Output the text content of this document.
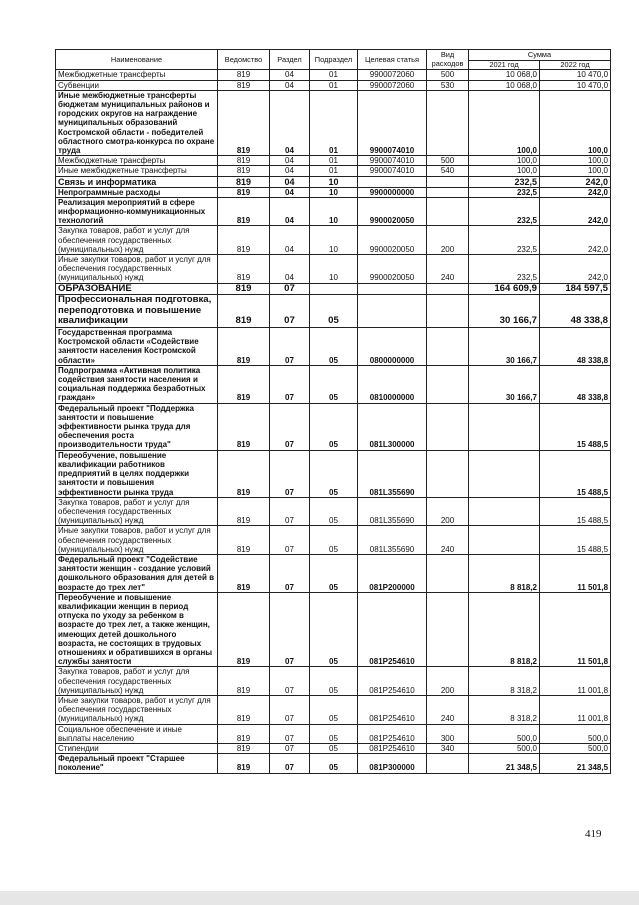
Наименование	Ведомство	Раздел	Подраздел	Целевая статья	Вид расходов	Сумма	
						2021 год	2022 год
Межбюджетные трансферты	819	04	01	9900072060	500	10 068,0	10 470,0
Субвенции	819	04	01	9900072060	530	10 068,0	10 470,0
Иные межбюджетные трансферты бюджетам муниципальных районов и городских округов на награждение муниципальных образований Костромской области - победителей областного смотра-конкурса по охране труда	819	04	01	9900074010		100,0	100,0
Межбюджетные трансферты	819	04	01	9900074010	500	100,0	100,0
Иные межбюджетные трансферты	819	04	01	9900074010	540	100,0	100,0
Связь и информатика	819	04	10			232,5	242,0
Непрограммные расходы	819	04	10	9900000000		232,5	242,0
Реализация мероприятий в сфере информационно-коммуникационных технологий	819	04	10	9900020050		232,5	242,0
Закупка товаров, работ и услуг для обеспечения государственных (муниципальных) нужд	819	04	10	9900020050	200	232,5	242,0
Иные закупки товаров, работ и услуг для обеспечения государственных (муниципальных) нужд	819	04	10	9900020050	240	232,5	242,0
ОБРАЗОВАНИЕ	819	07				164 609,9	184 597,5
Профессиональная подготовка, переподготовка и повышение квалификации	819	07	05			30 166,7	48 338,8
Государственная программа Костромской области «Содействие занятости населения Костромской области»	819	07	05	0800000000		30 166,7	48 338,8
Подпрограмма «Активная политика содействия занятости населения и социальная поддержка безработных граждан»	819	07	05	0810000000		30 166,7	48 338,8
Федеральный проект "Поддержка занятости и повышение эффективности рынка труда для обеспечения роста производительности труда"	819	07	05	081L300000			15 488,5
Переобучение, повышение квалификации работников предприятий в целях поддержки занятости и повышения эффективности рынка труда	819	07	05	081L355690			15 488,5
Закупка товаров, работ и услуг для обеспечения государственных (муниципальных) нужд	819	07	05	081L355690	200		15 488,5
Иные закупки товаров, работ и услуг для обеспечения государственных (муниципальных) нужд	819	07	05	081L355690	240		15 488,5
Федеральный проект "Содействие занятости женщин - создание условий дошкольного образования для детей в возрасте до трех лет"	819	07	05	081P200000		8 818,2	11 501,8
Переобучение и повышение квалификации женщин в период отпуска по уходу за ребенком в возрасте до трех лет, а также женщин, имеющих детей дошкольного возраста, не состоящих в трудовых отношениях и обратившихся в органы службы занятости	819	07	05	081P254610		8 818,2	11 501,8
Закупка товаров, работ и услуг для обеспечения государственных (муниципальных) нужд	819	07	05	081P254610	200	8 318,2	11 001,8
Иные закупки товаров, работ и услуг для обеспечения государственных (муниципальных) нужд	819	07	05	081P254610	240	8 318,2	11 001,8
Социальное обеспечение и иные выплаты населению	819	07	05	081P254610	300	500,0	500,0
Стипендии	819	07	05	081P254610	340	500,0	500,0
Федеральный проект "Старшее поколение"	819	07	05	081P300000		21 348,5	21 348,5
419
